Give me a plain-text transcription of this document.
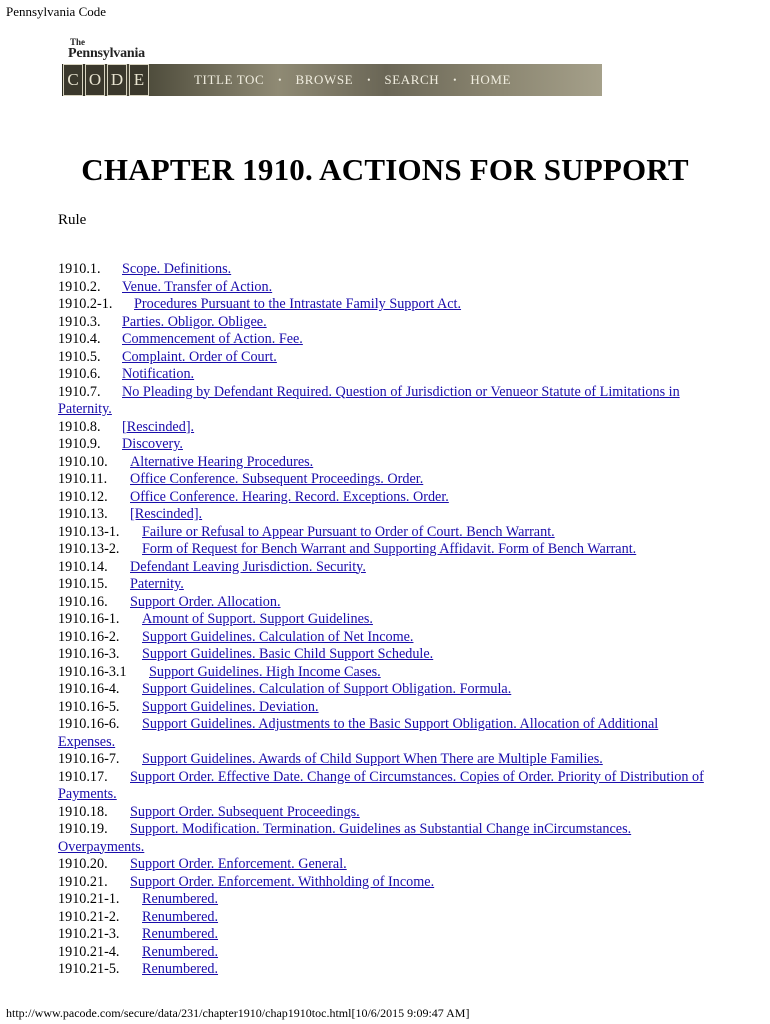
Pennsylvania Code
The
Pennsylvania
C O D E	TITLE TOC • BROWSE • SEARCH • HOME
CHAPTER 1910. ACTIONS FOR SUPPORT
Rule
1910.1. Scope. Definitions.
1910.2. Venue. Transfer of Action.
1910.2-1. Procedures Pursuant to the Intrastate Family Support Act.
1910.3. Parties. Obligor. Obligee.
1910.4. Commencement of Action. Fee.
1910.5. Complaint. Order of Court.
1910.6. Notification.
1910.7. No Pleading by Defendant Required. Question of Jurisdiction or Venueor Statute of Limitations in Paternity.
1910.8. [Rescinded].
1910.9. Discovery.
1910.10. Alternative Hearing Procedures.
1910.11. Office Conference. Subsequent Proceedings. Order.
1910.12. Office Conference. Hearing. Record. Exceptions. Order.
1910.13. [Rescinded].
1910.13-1. Failure or Refusal to Appear Pursuant to Order of Court. Bench Warrant.
1910.13-2. Form of Request for Bench Warrant and Supporting Affidavit. Form of Bench Warrant.
1910.14. Defendant Leaving Jurisdiction. Security.
1910.15. Paternity.
1910.16. Support Order. Allocation.
1910.16-1. Amount of Support. Support Guidelines.
1910.16-2. Support Guidelines. Calculation of Net Income.
1910.16-3. Support Guidelines. Basic Child Support Schedule.
1910.16-3.1 Support Guidelines. High Income Cases.
1910.16-4. Support Guidelines. Calculation of Support Obligation. Formula.
1910.16-5. Support Guidelines. Deviation.
1910.16-6. Support Guidelines. Adjustments to the Basic Support Obligation. Allocation of Additional Expenses.
1910.16-7. Support Guidelines. Awards of Child Support When There are Multiple Families.
1910.17. Support Order. Effective Date. Change of Circumstances. Copies of Order. Priority of Distribution of Payments.
1910.18. Support Order. Subsequent Proceedings.
1910.19. Support. Modification. Termination. Guidelines as Substantial Change inCircumstances. Overpayments.
1910.20. Support Order. Enforcement. General.
1910.21. Support Order. Enforcement. Withholding of Income.
1910.21-1. Renumbered.
1910.21-2. Renumbered.
1910.21-3. Renumbered.
1910.21-4. Renumbered.
1910.21-5. Renumbered.
http://www.pacode.com/secure/data/231/chapter1910/chap1910toc.html[10/6/2015 9:09:47 AM]
